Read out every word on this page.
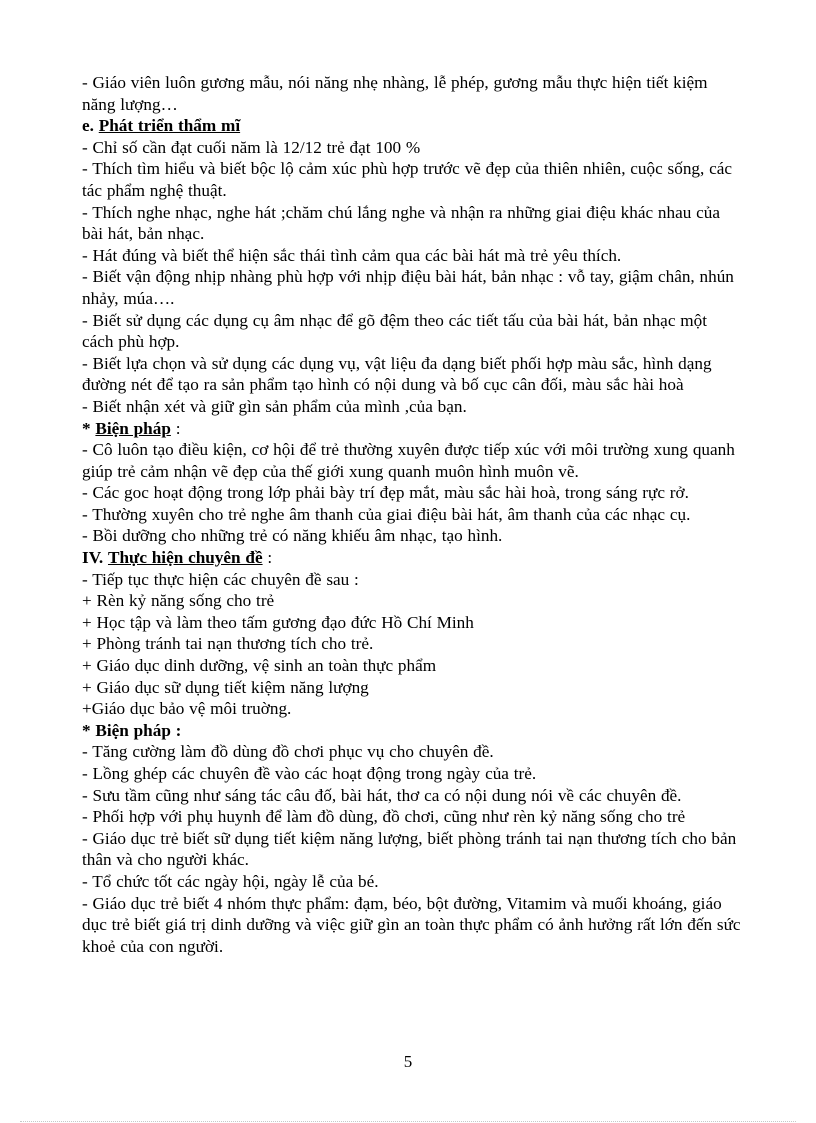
- Giáo viên luôn gương mẫu, nói năng nhẹ nhàng, lễ phép, gương mẫu thực hiện tiết kiệm năng lượng…

e. Phát triển thẩm mĩ

- Chỉ số cần đạt cuối năm là 12/12 trẻ đạt 100 %

- Thích tìm hiểu và biết bộc lộ cảm xúc phù hợp trước vẽ đẹp của thiên nhiên, cuộc sống, các tác phẩm nghệ thuật.

- Thích nghe nhạc, nghe hát ;chăm chú lắng nghe và nhận ra những giai điệu khác nhau của bài hát, bản nhạc.

- Hát đúng và biết thể hiện sắc thái tình cảm qua các bài hát mà trẻ yêu thích.

- Biết vận động nhịp nhàng phù hợp với nhịp điệu bài hát, bản nhạc : vỗ tay, giậm chân, nhún nhảy, múa….

- Biết sử dụng các dụng cụ âm nhạc để gõ đệm theo các tiết tấu của bài hát, bản nhạc một cách phù hợp.

- Biết lựa chọn và sử dụng các dụng vụ, vật liệu đa dạng biết phối hợp màu sắc, hình dạng đường nét để tạo ra sản phẩm tạo hình có nội dung và bố cục cân đối, màu sắc hài hoà

- Biết nhận xét và giữ gìn sản phẩm của mình ,của bạn.

* Biện pháp :

- Cô luôn tạo điều kiện, cơ hội để trẻ thường xuyên được tiếp xúc với môi trường xung quanh giúp trẻ cảm nhận vẽ đẹp của thế giới xung quanh muôn hình muôn vẽ.

- Các goc hoạt động trong lớp phải bày trí đẹp mắt, màu sắc hài hoà, trong sáng rực rở.

- Thường xuyên cho trẻ nghe âm thanh của giai điệu bài hát, âm thanh của các nhạc cụ.

- Bồi dưỡng cho những trẻ có năng khiếu âm nhạc, tạo hình.

IV. Thực hiện chuyên đề :

- Tiếp tục thực hiện các chuyên đề sau :

+ Rèn kỷ năng sống cho trẻ

+ Học tập và làm theo tấm gương đạo đức Hồ Chí Minh

+ Phòng tránh tai nạn thương tích cho trẻ.

+ Giáo dục dinh dưỡng, vệ sinh an toàn thực phẩm

+ Giáo dục sữ dụng tiết kiệm năng lượng

+Giáo dục bảo vệ môi truờng.

* Biện pháp :

- Tăng cường làm đồ dùng đồ chơi phục vụ cho chuyên đề.

- Lồng ghép các chuyên đề vào các hoạt động trong ngày của trẻ.

- Sưu tầm cũng như sáng tác câu đố, bài hát, thơ ca có nội dung nói về các chuyên đề.

- Phối hợp với phụ huynh để làm đồ dùng, đồ chơi, cũng như rèn kỷ năng sống cho trẻ

- Giáo dục trẻ biết sữ dụng tiết kiệm năng lượng, biết phòng tránh tai nạn thương tích cho bản thân và cho người khác.

- Tổ chức tốt các ngày hội, ngày lễ của bé.

- Giáo dục trẻ biết 4 nhóm thực phẩm: đạm, béo, bột đường, Vitamim và muối khoáng, giáo dục trẻ biết giá trị dinh dưỡng và việc giữ gìn an toàn thực phẩm có ảnh hưởng rất lớn đến sức khoẻ của con người.

5
